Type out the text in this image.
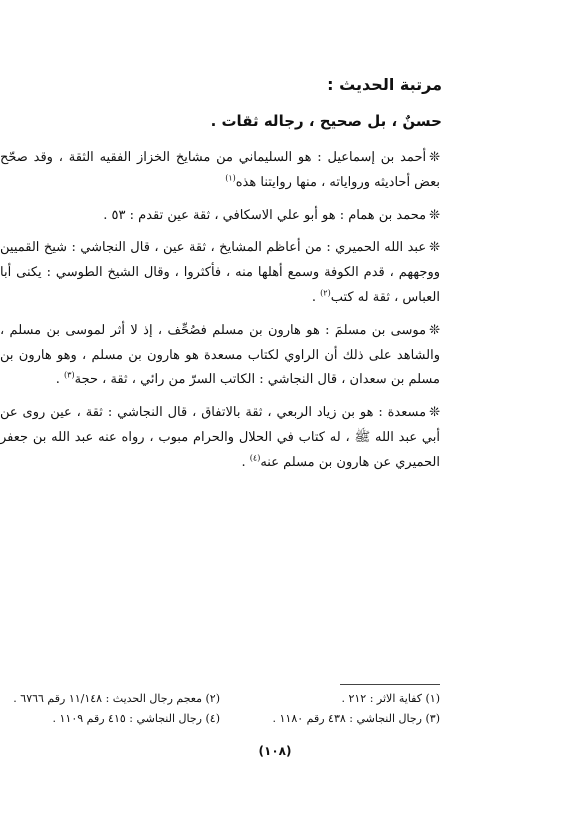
مرتبة الحديث :
حسنٌ ، بل صحيح ، رجاله ثقات .

❊أحمد بن إسماعيل : هو السليماني من مشايخ الخزاز الفقيه الثقة ، وقد صحّح بعض أحاديثه ورواياته ، منها روايتنا هذه$^{(١)}$

❊محمد بن همام : هو أبو علي الاسكافي ، ثقة عين تقدم : ٥٣ .

❊عبد الله الحميري : من أعاظم المشايخ ، ثقة عين ، قال النجاشي : شيخ القميين ووجههم ، قدم الكوفة وسمع أهلها منه ، فأكثروا ، وقال الشيخ الطوسي : يكنى أبا العباس ، ثقة له كتب$^{(٢)}$ .

❊موسى بن مسلمَ : هو هارون بن مسلم فصُحِّف ، إذ لا أثر لموسى بن مسلم ، والشاهد على ذلك أن الراوي لكتاب مسعدة هو هارون بن مسلم ، وهو هارون بن مسلم بن سعدان ، قال النجاشي : الكاتب السرّ من رائي ، ثقة ، حجة$^{(٣)}$ .

❊مسعدة : هو بن زياد الربعي ، ثقة بالاتفاق ، قال النجاشي : ثقة ، عين روى عن أبي عبد الله ﷺ ، له كتاب في الحلال والحرام مبوب ، رواه عنه عبد الله بن جعفر الحميري عن هارون بن مسلم عنه$^{(٤)}$ .

(١) كفاية الاثر : ٢١٢ .
(٢) معجم رجال الحديث : ١١/١٤٨ رقم ٦٧٦٦ .
(٣) رجال النجاشي : ٤٣٨ رقم ١١٨٠ .
(٤) رجال النجاشي : ٤١٥ رقم ١١٠٩ .
(١٠٨)
